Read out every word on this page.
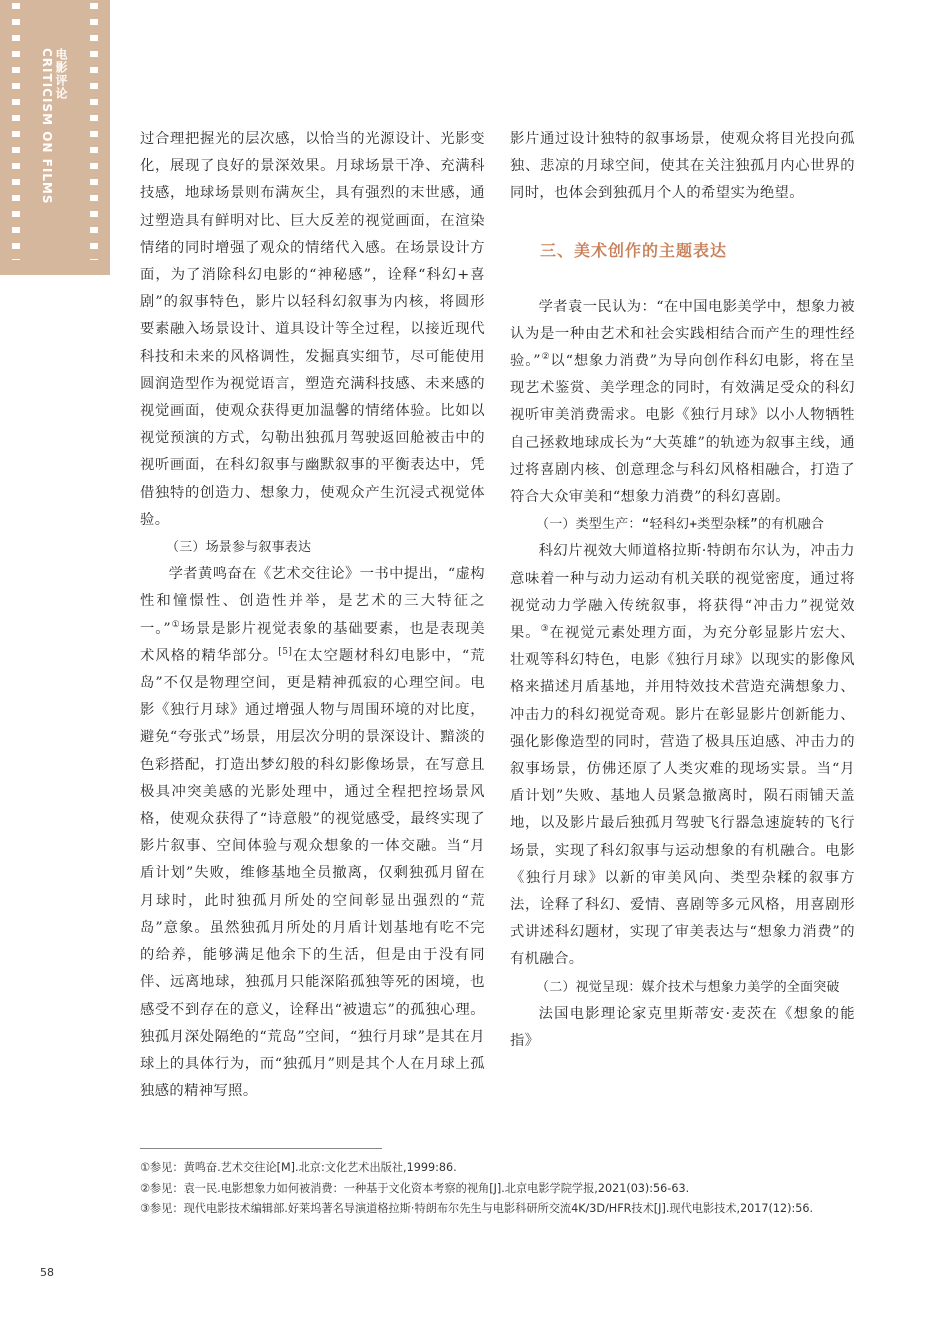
电影评论
CRITICISM ON FILMS	过合理把握光的层次感，以恰当的光源设计、光影变化，展现了良好的景深效果。月球场景干净、充满科技感，地球场景则布满灰尘，具有强烈的末世感，通过塑造具有鲜明对比、巨大反差的视觉画面，在渲染情绪的同时增强了观众的情绪代入感。在场景设计方面，为了消除科幻电影的“神秘感”，诠释“科幻+喜剧”的叙事特色，影片以轻科幻叙事为内核，将圆形要素融入场景设计、道具设计等全过程，以接近现代科技和未来的风格调性，发掘真实细节，尽可能使用圆润造型作为视觉语言，塑造充满科技感、未来感的视觉画面，使观众获得更加温馨的情绪体验。比如以视觉预演的方式，勾勒出独孤月驾驶返回舱被击中的视听画面，在科幻叙事与幽默叙事的平衡表达中，凭借独特的创造力、想象力，使观众产生沉浸式视觉体验。

（三）场景参与叙事表达

学者黄鸣奋在《艺术交往论》一书中提出，“虚构性和憧憬性、创造性并举，是艺术的三大特征之一。”①场景是影片视觉表象的基础要素，也是表现美术风格的精华部分。[5]在太空题材科幻电影中，“荒岛”不仅是物理空间，更是精神孤寂的心理空间。电影《独行月球》通过增强人物与周围环境的对比度，避免“夸张式”场景，用层次分明的景深设计、黯淡的色彩搭配，打造出梦幻般的科幻影像场景，在写意且极具冲突美感的光影处理中，通过全程把控场景风格，使观众获得了“诗意般”的视觉感受，最终实现了影片叙事、空间体验与观众想象的一体交融。当“月盾计划”失败，维修基地全员撤离，仅剩独孤月留在月球时，此时独孤月所处的空间彰显出强烈的“荒岛”意象。虽然独孤月所处的月盾计划基地有吃不完的给养，能够满足他余下的生活，但是由于没有同伴、远离地球，独孤月只能深陷孤独等死的困境，也感受不到存在的意义，诠释出“被遗忘”的孤独心理。独孤月深处隔绝的“荒岛”空间，“独行月球”是其在月球上的具体行为，而“独孤月”则是其个人在月球上孤独感的精神写照。

影片通过设计独特的叙事场景，使观众将目光投向孤独、悲凉的月球空间，使其在关注独孤月内心世界的同时，也体会到独孤月个人的希望实为绝望。

三、美术创作的主题表达

学者袁一民认为：“在中国电影美学中，想象力被认为是一种由艺术和社会实践相结合而产生的理性经验。”②以“想象力消费”为导向创作科幻电影，将在呈现艺术鉴赏、美学理念的同时，有效满足受众的科幻视听审美消费需求。电影《独行月球》以小人物牺牲自己拯救地球成长为“大英雄”的轨迹为叙事主线，通过将喜剧内核、创意理念与科幻风格相融合，打造了符合大众审美和“想象力消费”的科幻喜剧。

（一）类型生产：“轻科幻+类型杂糅”的有机融合

科幻片视效大师道格拉斯·特朗布尔认为，冲击力意味着一种与动力运动有机关联的视觉密度，通过将视觉动力学融入传统叙事，将获得“冲击力”视觉效果。③在视觉元素处理方面，为充分彰显影片宏大、壮观等科幻特色，电影《独行月球》以现实的影像风格来描述月盾基地，并用特效技术营造充满想象力、冲击力的科幻视觉奇观。影片在彰显影片创新能力、强化影像造型的同时，营造了极具压迫感、冲击力的叙事场景，仿佛还原了人类灾难的现场实景。当“月盾计划”失败、基地人员紧急撤离时，陨石雨铺天盖地，以及影片最后独孤月驾驶飞行器急速旋转的飞行场景，实现了科幻叙事与运动想象的有机融合。电影《独行月球》以新的审美风向、类型杂糅的叙事方法，诠释了科幻、爱情、喜剧等多元风格，用喜剧形式讲述科幻题材，实现了审美表达与“想象力消费”的有机融合。

（二）视觉呈现：媒介技术与想象力美学的全面突破

法国电影理论家克里斯蒂安·麦茨在《想象的能指》

①参见：黄鸣奋.艺术交往论[M].北京:文化艺术出版社,1999:86.
②参见：袁一民.电影想象力如何被消费：一种基于文化资本考察的视角[J].北京电影学院学报,2021(03):56-63.
③参见：现代电影技术编辑部.好莱坞著名导演道格拉斯·特朗布尔先生与电影科研所交流4K/3D/HFR技术[J].现代电影技术,2017(12):56.
58
